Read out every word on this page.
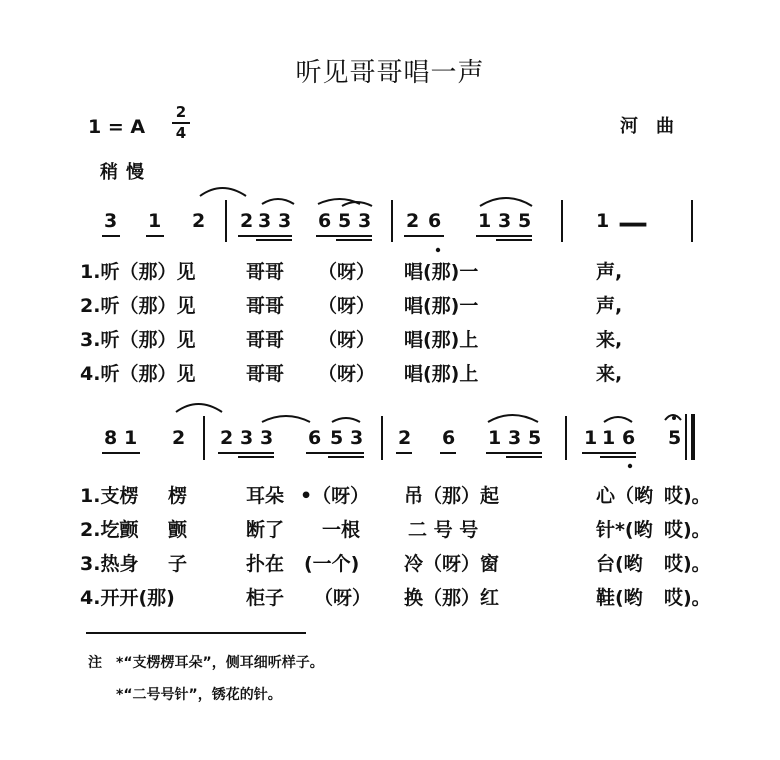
听见哥哥唱一声
1 = A
2
4	河曲
稍慢
3 1 2 2 3 3 6 5 3 2 6 1 3 5	1 —
1.听（那）见	哥哥 （呀） 唱(那)一	声,
2.听（那）见	哥哥 （呀） 唱(那)一	声,
3.听（那）见	哥哥 （呀） 唱(那)上	来,
4.听（那）见	哥哥 （呀） 唱(那)上	来,
8 1 2 2 3 3 6 5 3 2 6 1 3 5 1 1 6 5
1.支楞 楞	耳朵 •（呀） 吊（那）起	心（哟 哎)。
2.圪颤 颤	断了 一根	二 号 号	针*(哟 哎)。
3.热身 子	扑在 (一个) 冷（呀）窗	台(哟 哎)。
4.开开(那)	柜子 （呀） 换（那）红	鞋(哟 哎)。
注 *“支楞楞耳朵”，侧耳细听样子。
*“二号号针”，锈花的针。
